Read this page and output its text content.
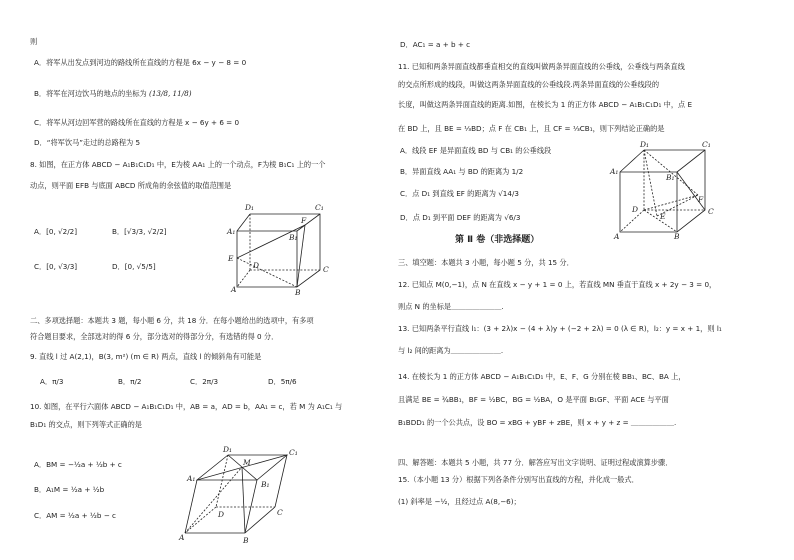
则
A．将军从出发点到河边的路线所在直线的方程是 6x − y − 8 = 0
B．将军在河边饮马的地点的坐标为 (13/8, 11/8)
C．将军从河边回军营的路线所在直线的方程是 x − 6y + 6 = 0
D．“将军饮马”走过的总路程为 5
8. 如图，在正方体 ABCD − A₁B₁C₁D₁ 中，E为棱 AA₁ 上的一个动点，F为棱 B₁C₁ 上的一个
动点，则平面 EFB 与底面 ABCD 所成角的余弦值的取值范围是
A．[0, √2/2]	B．[√3/3, √2/2]
C．[0, √3/3]	D．[0, √5/5]
D₁	C₁
A₁
B₁
F
E
D	C
A	B
二、多项选择题：本题共 3 题，每小题 6 分，共 18 分．在每小题给出的选项中，有多项
符合题目要求，全部选对的得 6 分，部分选对的得部分分，有选错的得 0 分．
9. 直线 l 过 A(2,1)，B(3, m²) (m ∈ R) 两点，直线 l 的倾斜角有可能是
A．π/3	B．π/2	C．2π/3	D．5π/6
10. 如图，在平行六面体 ABCD − A₁B₁C₁D₁ 中，AB = a，AD = b，AA₁ = c，若 M 为 A₁C₁ 与
B₁D₁ 的交点，则下列等式正确的是
A．BM = −½a + ½b + c
B．A₁M = ½a + ½b
C．AM = ½a + ½b − c
D₁
M
C₁
A₁
B₁
D	C
A	B
D．AC₁ = a + b + c
11. 已知和两条异面直线都垂直相交的直线叫做两条异面直线的公垂线，公垂线与两条直线
的交点所形成的线段，叫做这两条异面直线的公垂线段.两条异面直线的公垂线段的
长度，叫做这两条异面直线的距离.如图，在棱长为 1 的正方体 ABCD − A₁B₁C₁D₁ 中，点 E
在 BD 上，且 BE = ⅓BD；点 F 在 CB₁ 上，且 CF = ⅓CB₁，则下列结论正确的是
A．线段 EF 是异面直线 BD 与 CB₁ 的公垂线段
B．异面直线 AA₁ 与 BD 的距离为 1/2
C．点 D₁ 到直线 EF 的距离为 √14/3
D．点 D₁ 到平面 DEF 的距离为 √6/3
D₁	C₁
A₁
B₁
F
D
E
C
A	B
第 Ⅱ 卷（非选择题）
三、填空题：本题共 3 小题，每小题 5 分，共 15 分．
12. 已知点 M(0,−1)，点 N 在直线 x − y + 1 = 0 上，若直线 MN 垂直于直线 x + 2y − 3 = 0，
则点 N 的坐标是＿＿＿＿＿＿＿.
13. 已知两条平行直线 l₁：(3 + 2λ)x − (4 + λ)y + (−2 + 2λ) = 0 (λ ∈ R)，l₂：y = x + 1，则 l₁
与 l₂ 间的距离为＿＿＿＿＿＿＿.
14. 在棱长为 1 的正方体 ABCD − A₁B₁C₁D₁ 中，E、F、G 分别在棱 BB₁、BC、BA 上，
且满足 BE = ¾BB₁，BF = ½BC，BG = ½BA，O 是平面 B₁GF、平面 ACE 与平面
B₁BDD₁ 的一个公共点，设 BO = xBG + yBF + zBE，则 x + y + z = ＿＿＿＿＿＿.
四、解答题：本题共 5 小题，共 77 分．解答应写出文字说明、证明过程或演算步骤．
15.（本小题 13 分）根据下列各条件分别写出直线的方程，并化成一般式．
(1) 斜率是 −½，且经过点 A(8,−6)；
